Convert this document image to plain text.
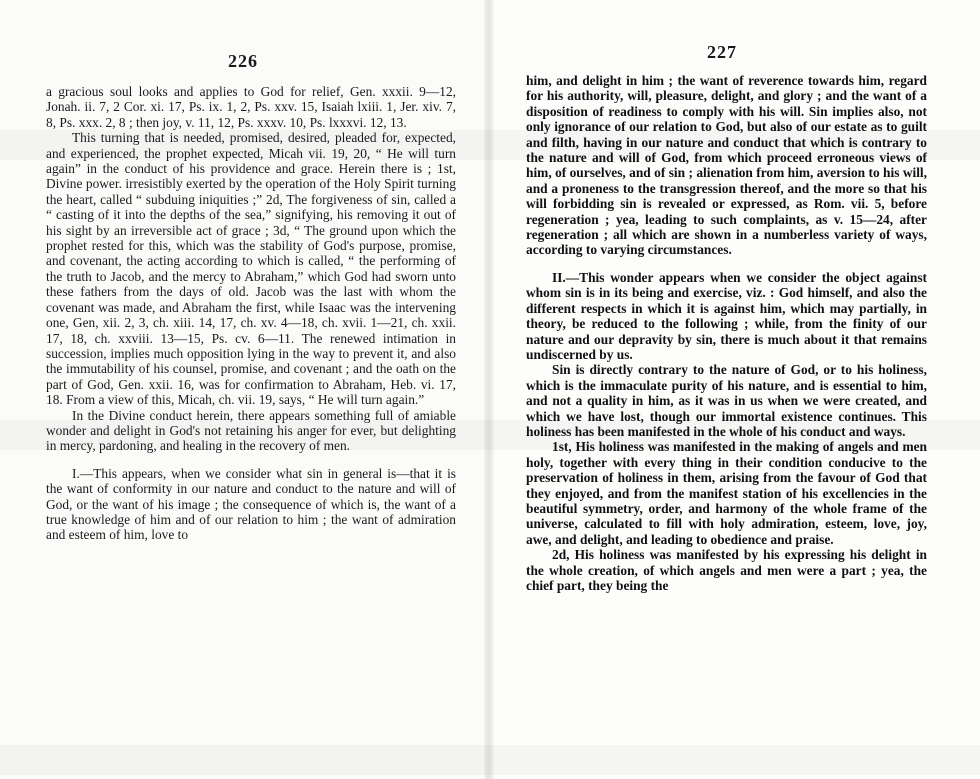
226

a gracious soul looks and applies to God for relief, Gen. xxxii. 9—12, Jonah. ii. 7, 2 Cor. xi. 17, Ps. ix. 1, 2, Ps. xxv. 15, Isaiah lxiii. 1, Jer. xiv. 7, 8, Ps. xxx. 2, 8 ; then joy, v. 11, 12, Ps. xxxv. 10, Ps. lxxxvi. 12, 13.

This turning that is needed, promised, desired, pleaded for, expected, and experienced, the prophet expected, Micah vii. 19, 20, “ He will turn again” in the conduct of his providence and grace. Herein there is ; 1st, Divine power. irresistibly exerted by the operation of the Holy Spirit turning the heart, called “ subduing iniquities ;” 2d, The forgiveness of sin, called a “ casting of it into the depths of the sea,” signifying, his removing it out of his sight by an irreversible act of grace ; 3d, “ The ground upon which the prophet rested for this, which was the stability of God's purpose, promise, and covenant, the acting according to which is called, “ the performing of the truth to Jacob, and the mercy to Abraham,” which God had sworn unto these fathers from the days of old. Jacob was the last with whom the covenant was made, and Abraham the first, while Isaac was the intervening one, Gen, xii. 2, 3, ch. xiii. 14, 17, ch. xv. 4—18, ch. xvii. 1—21, ch. xxii. 17, 18, ch. xxviii. 13—15, Ps. cv. 6—11. The renewed intimation in succession, implies much opposition lying in the way to prevent it, and also the immutability of his counsel, promise, and covenant ; and the oath on the part of God, Gen. xxii. 16, was for confirmation to Abraham, Heb. vi. 17, 18. From a view of this, Micah, ch. vii. 19, says, “ He will turn again.”

In the Divine conduct herein, there appears something full of amiable wonder and delight in God's not retaining his anger for ever, but delighting in mercy, pardoning, and healing in the recovery of men.

I.—This appears, when we consider what sin in general is—that it is the want of conformity in our nature and conduct to the nature and will of God, or the want of his image ; the consequence of which is, the want of a true knowledge of him and of our relation to him ; the want of admiration and esteem of him, love to

227

him, and delight in him ; the want of reverence towards him, regard for his authority, will, pleasure, delight, and glory ; and the want of a disposition of readiness to comply with his will. Sin implies also, not only ignorance of our relation to God, but also of our estate as to guilt and filth, having in our nature and conduct that which is contrary to the nature and will of God, from which proceed erroneous views of him, of ourselves, and of sin ; alienation from him, aversion to his will, and a proneness to the transgression thereof, and the more so that his will forbidding sin is revealed or expressed, as Rom. vii. 5, before regeneration ; yea, leading to such complaints, as v. 15—24, after regeneration ; all which are shown in a numberless variety of ways, according to varying circumstances.

II.—This wonder appears when we consider the object against whom sin is in its being and exercise, viz. : God himself, and also the different respects in which it is against him, which may partially, in theory, be reduced to the following ; while, from the finity of our nature and our depravity by sin, there is much about it that remains undiscerned by us.

Sin is directly contrary to the nature of God, or to his holiness, which is the immaculate purity of his nature, and is essential to him, and not a quality in him, as it was in us when we were created, and which we have lost, though our immortal existence continues. This holiness has been manifested in the whole of his conduct and ways.

1st, His holiness was manifested in the making of angels and men holy, together with every thing in their condition conducive to the preservation of holiness in them, arising from the favour of God that they enjoyed, and from the manifest station of his excellencies in the beautiful symmetry, order, and harmony of the whole frame of the universe, calculated to fill with holy admiration, esteem, love, joy, awe, and delight, and leading to obedience and praise.

2d, His holiness was manifested by his expressing his delight in the whole creation, of which angels and men were a part ; yea, the chief part, they being the
